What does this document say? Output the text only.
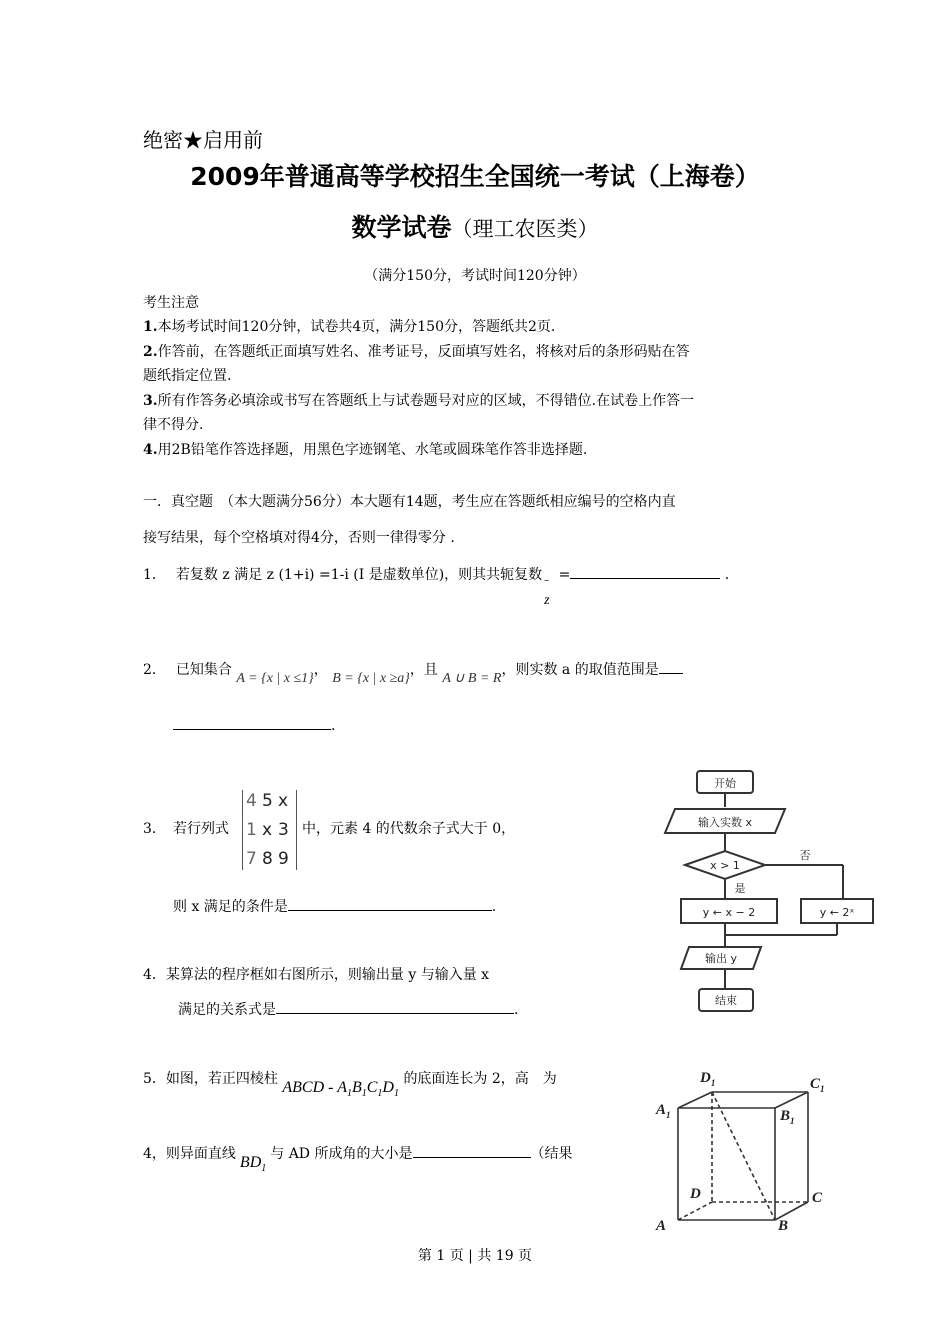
绝密★启用前
2009年普通高等学校招生全国统一考试（上海卷）
数学试卷（理工农医类）
（满分150分，考试时间120分钟）
考生注意
1.本场考试时间120分钟，试卷共4页，满分150分，答题纸共2页.
2.作答前，在答题纸正面填写姓名、准考证号，反面填写姓名，将核对后的条形码贴在答
题纸指定位置.
3.所有作答务必填涂或书写在答题纸上与试卷题号对应的区域，不得错位.在试卷上作答一
律不得分.
4.用2B铅笔作答选择题，用黑色字迹钢笔、水笔或圆珠笔作答非选择题.
一．真空题　（本大题满分56分）本大题有14题，考生应在答题纸相应编号的空格内直
接写结果，每个空格填对得4分，否则一律得零分 .
1． 若复数 z 满足 z (1+i) =1-i (I 是虚数单位)，则其共轭复数 –
z
=	.
2． 已知集合 A = {x | x ≤1}， B = {x | x ≥a}，且 A ∪ B = R，则实数 a 的取值范围是
.
3． 若行列式
4 5 x
1 x 3
7 8 9
中，元素 4 的代数余子式大于 0，
则 x 满足的条件是	.
4．某算法的程序框如右图所示，则输出量 y 与输入量 x
满足的关系式是	.
开始
输入实数 x
x > 1
是
否
y ← x − 2	y ← 2ˣ
输出 y
结束
5．如图，若正四棱柱 ABCD - $A_1B_1C_1D_1$ 的底面连长为 2，高　为
4，则异面直线 $BD_1$与 AD 所成角的大小是	（结果
$D_1$	$C_1$
$A_1$	$B_1$
D	C
A	B
第 1 页 | 共 19 页
